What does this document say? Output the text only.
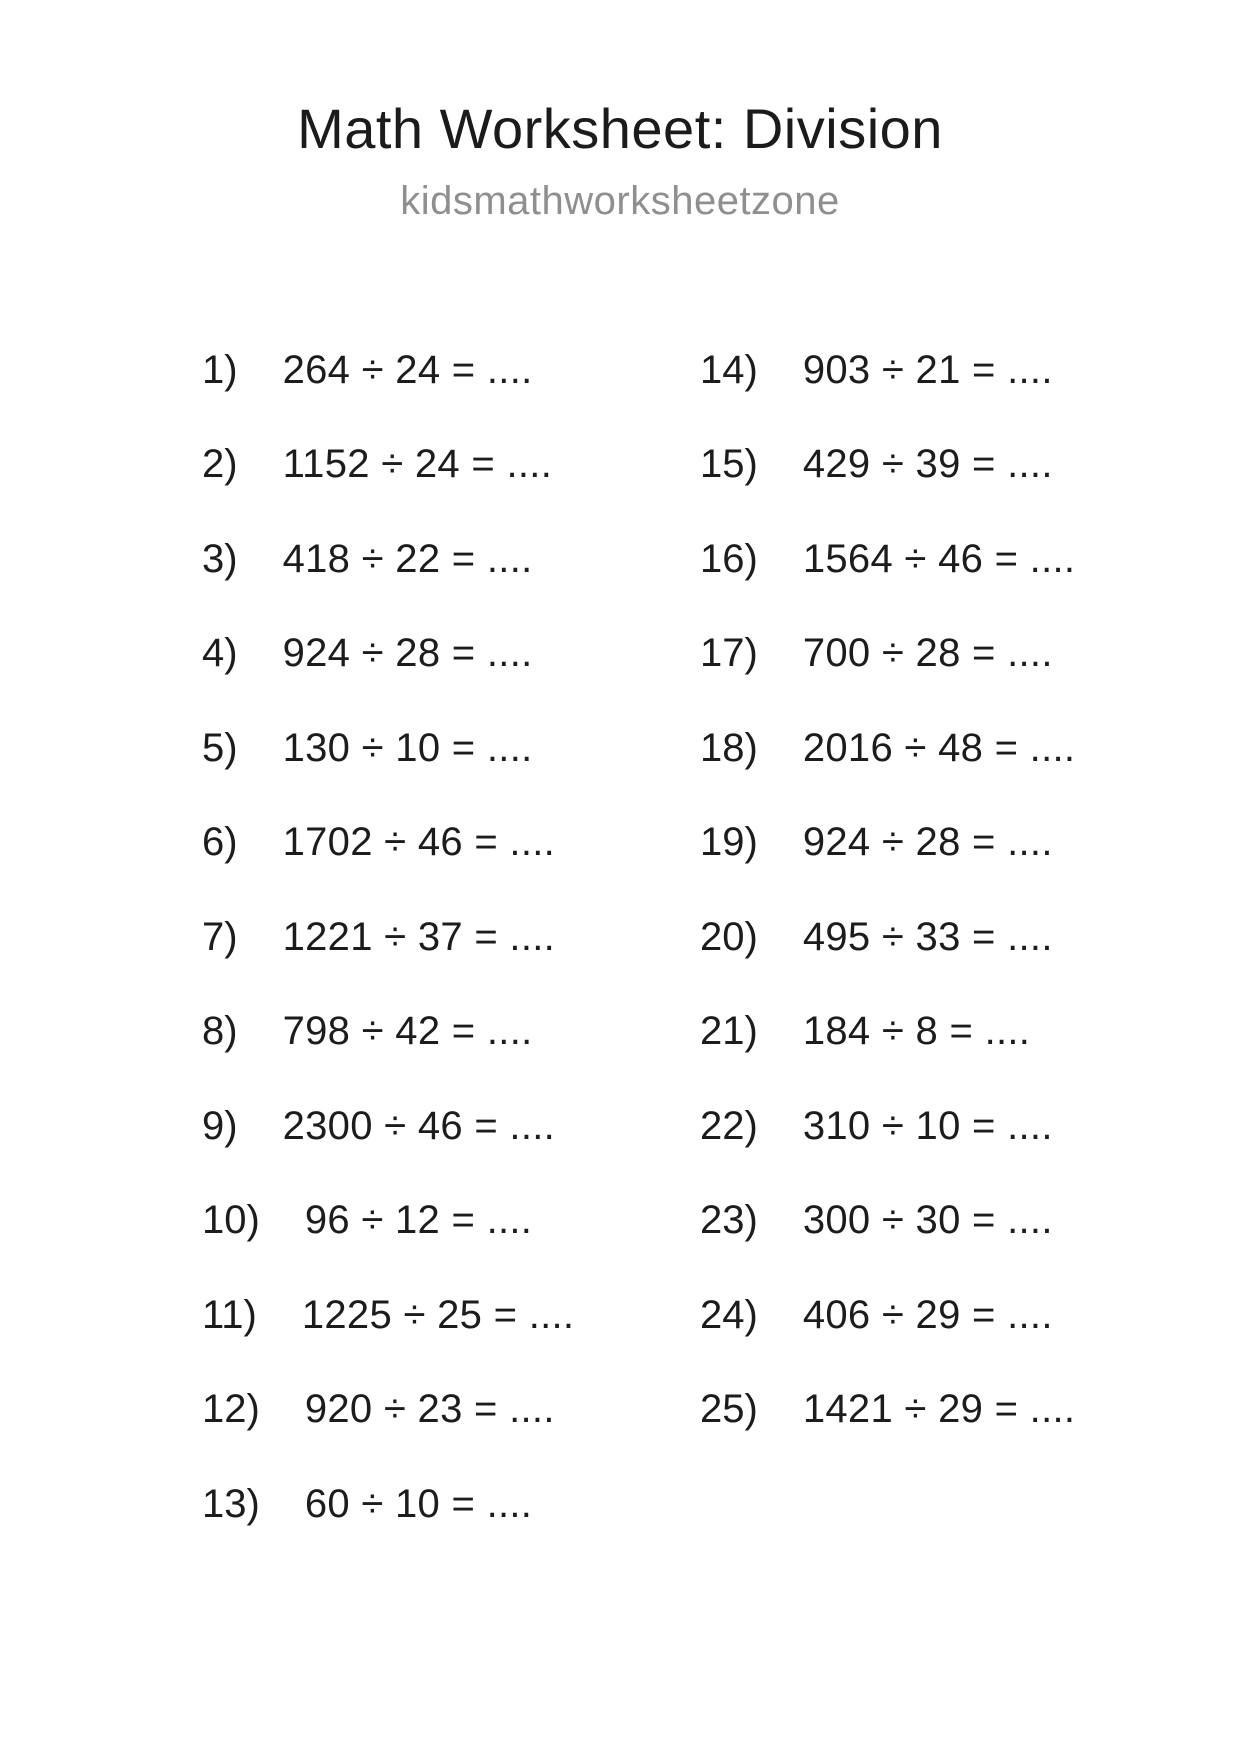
Math Worksheet: Division
kidsmathworksheetzone
1) 264 ÷ 24 = ....
2) 1152 ÷ 24 = ....
3) 418 ÷ 22 = ....
4) 924 ÷ 28 = ....
5) 130 ÷ 10 = ....
6) 1702 ÷ 46 = ....
7) 1221 ÷ 37 = ....
8) 798 ÷ 42 = ....
9) 2300 ÷ 46 = ....
10) 96 ÷ 12 = ....
11) 1225 ÷ 25 = ....
12) 920 ÷ 23 = ....
13) 60 ÷ 10 = ....
14) 903 ÷ 21 = ....
15) 429 ÷ 39 = ....
16) 1564 ÷ 46 = ....
17) 700 ÷ 28 = ....
18) 2016 ÷ 48 = ....
19) 924 ÷ 28 = ....
20) 495 ÷ 33 = ....
21) 184 ÷ 8 = ....
22) 310 ÷ 10 = ....
23) 300 ÷ 30 = ....
24) 406 ÷ 29 = ....
25) 1421 ÷ 29 = ....
